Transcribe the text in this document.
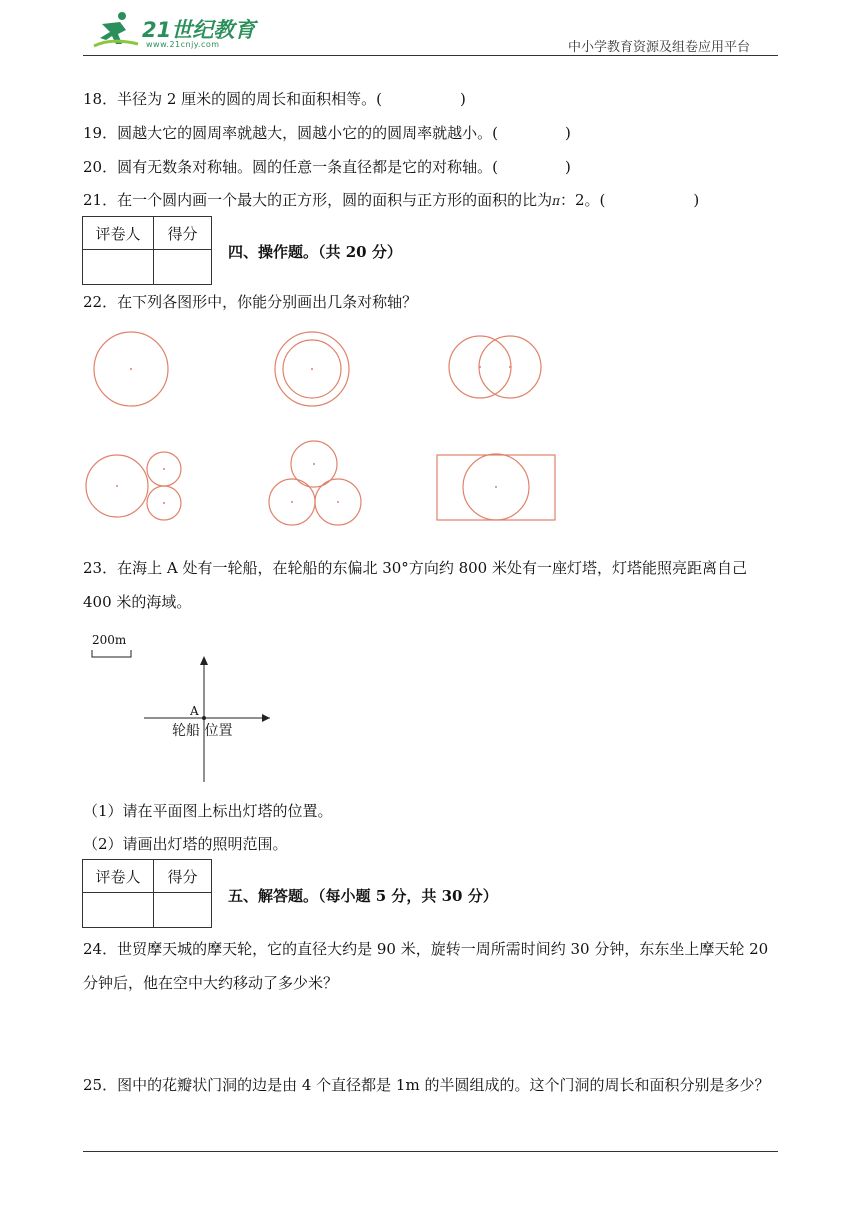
21世纪教育
www.21cnjy.com	中小学教育资源及组卷应用平台
18．半径为 2 厘米的圆的周长和面积相等。(	)
19．圆越大它的圆周率就越大，圆越小它的的圆周率就越小。(	)
20．圆有无数条对称轴。圆的任意一条直径都是它的对称轴。(	)
21．在一个圆内画一个最大的正方形，圆的面积与正方形的面积的比为π：2。(	)
评卷人	得分

四、操作题。（共 20 分）
22．在下列各图形中，你能分别画出几条对称轴？
23．在海上 A 处有一轮船，在轮船的东偏北 30°方向约 800 米处有一座灯塔，灯塔能照亮距离自己 400 米的海域。
200m
A
轮船 位置
（1）请在平面图上标出灯塔的位置。
（2）请画出灯塔的照明范围。
评卷人	得分

五、解答题。（每小题 5 分，共 30 分）
24．世贸摩天城的摩天轮，它的直径大约是 90 米，旋转一周所需时间约 30 分钟，东东坐上摩天轮 20 分钟后，他在空中大约移动了多少米？
25．图中的花瓣状门洞的边是由 4 个直径都是 1m 的半圆组成的。这个门洞的周长和面积分别是多少？
